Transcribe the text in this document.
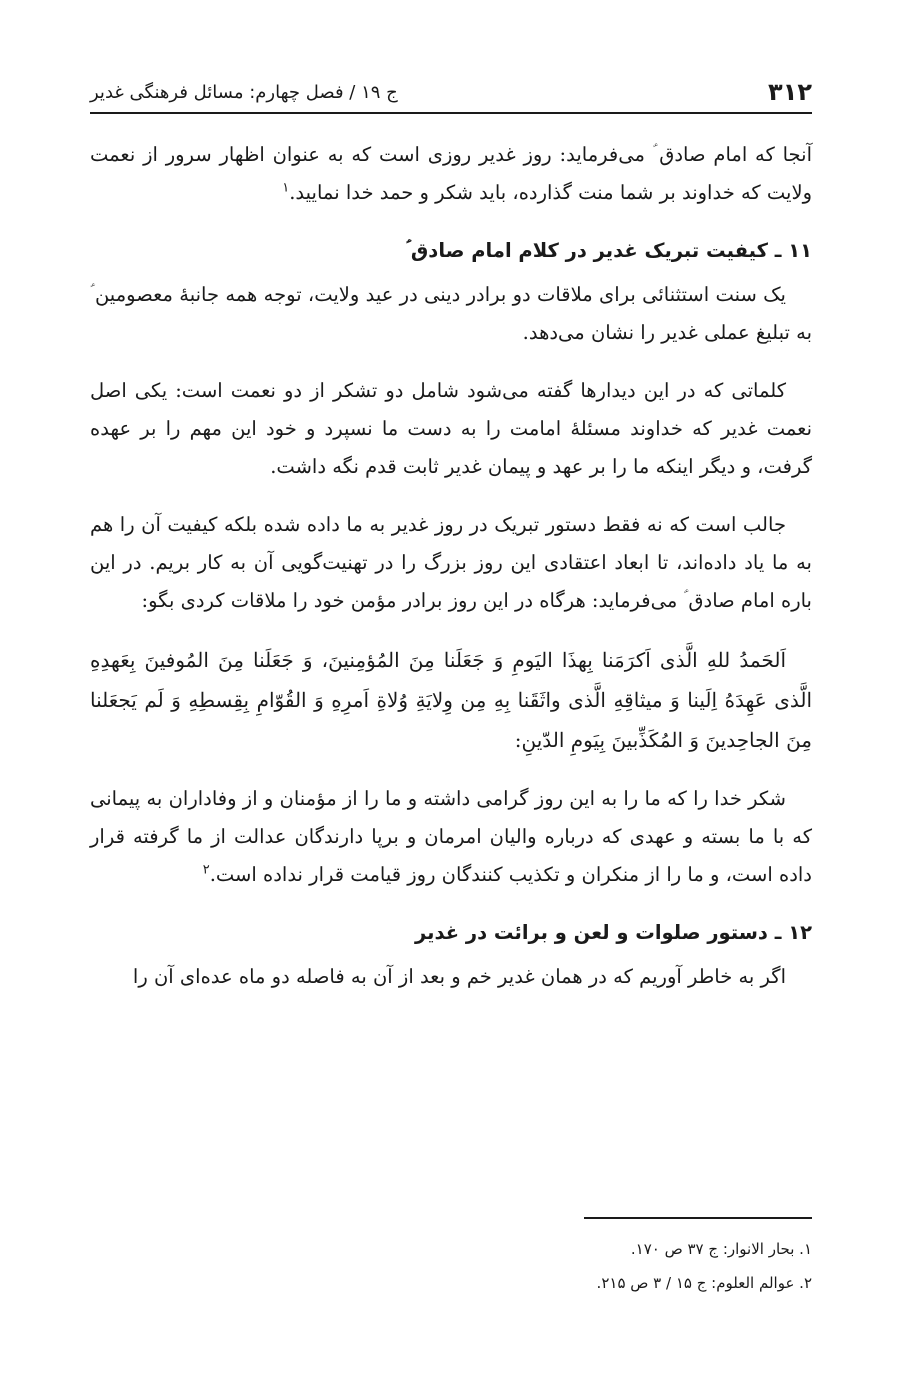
۳۱۲
ج ۱۹ / فصل چهارم: مسائل فرهنگی غدیر

آنجا که امام صادق ؑ می‌فرماید: روز غدیر روزی است که به عنوان اظهار سرور از نعمت ولایت که خداوند بر شما منت گذارده، باید شکر و حمد خدا نمایید.$^۱$

۱۱ ـ کیفیت تبریک غدیر در کلام امام صادق ؑ

یک سنت استثنائی برای ملاقات دو برادر دینی در عید ولایت، توجه همه جانبهٔ معصومین ؑ به تبلیغ عملی غدیر را نشان می‌دهد.

کلماتی که در این دیدارها گفته می‌شود شامل دو تشکر از دو نعمت است: یکی اصل نعمت غدیر که خداوند مسئلهٔ امامت را به دست ما نسپرد و خود این مهم را بر عهده گرفت، و دیگر اینکه ما را بر عهد و پیمان غدیر ثابت قدم نگه داشت.

جالب است که نه فقط دستور تبریک در روز غدیر به ما داده شده بلکه کیفیت آن را هم به ما یاد داده‌اند، تا ابعاد اعتقادی این روز بزرگ را در تهنیت‌گویی آن به کار بریم. در این باره امام صادق ؑ می‌فرماید: هرگاه در این روز برادر مؤمن خود را ملاقات کردی بگو:

اَلحَمدُ للهِ الَّذی اَکرَمَنا بِهذَا الیَومِ وَ جَعَلَنا مِنَ المُؤمِنینَ، وَ جَعَلَنا مِنَ المُوفینَ بِعَهدِهِ الَّذی عَهِدَهُ اِلَینا وَ میثاقِهِ الَّذی واثَقَنا بِهِ مِن وِلایَةِ وُلاةِ اَمرِهِ وَ القُوّامِ بِقِسطِهِ وَ لَم یَجعَلنا مِنَ الجاحِدینَ وَ المُکَذِّبینَ بِیَومِ الدّینِ:

شکر خدا را که ما را به این روز گرامی داشته و ما را از مؤمنان و از وفاداران به پیمانی که با ما بسته و عهدی که درباره والیان امرمان و برپا دارندگان عدالت از ما گرفته قرار داده است، و ما را از منکران و تکذیب کنندگان روز قیامت قرار نداده است.$^۲$

۱۲ ـ دستور صلوات و لعن و برائت در غدیر

اگر به خاطر آوریم که در همان غدیر خم و بعد از آن به فاصله دو ماه عده‌ای آن را

۱. بحار الانوار: ج ۳۷ ص ۱۷۰.

۲. عوالم العلوم: ج ۱۵ / ۳ ص ۲۱۵.
